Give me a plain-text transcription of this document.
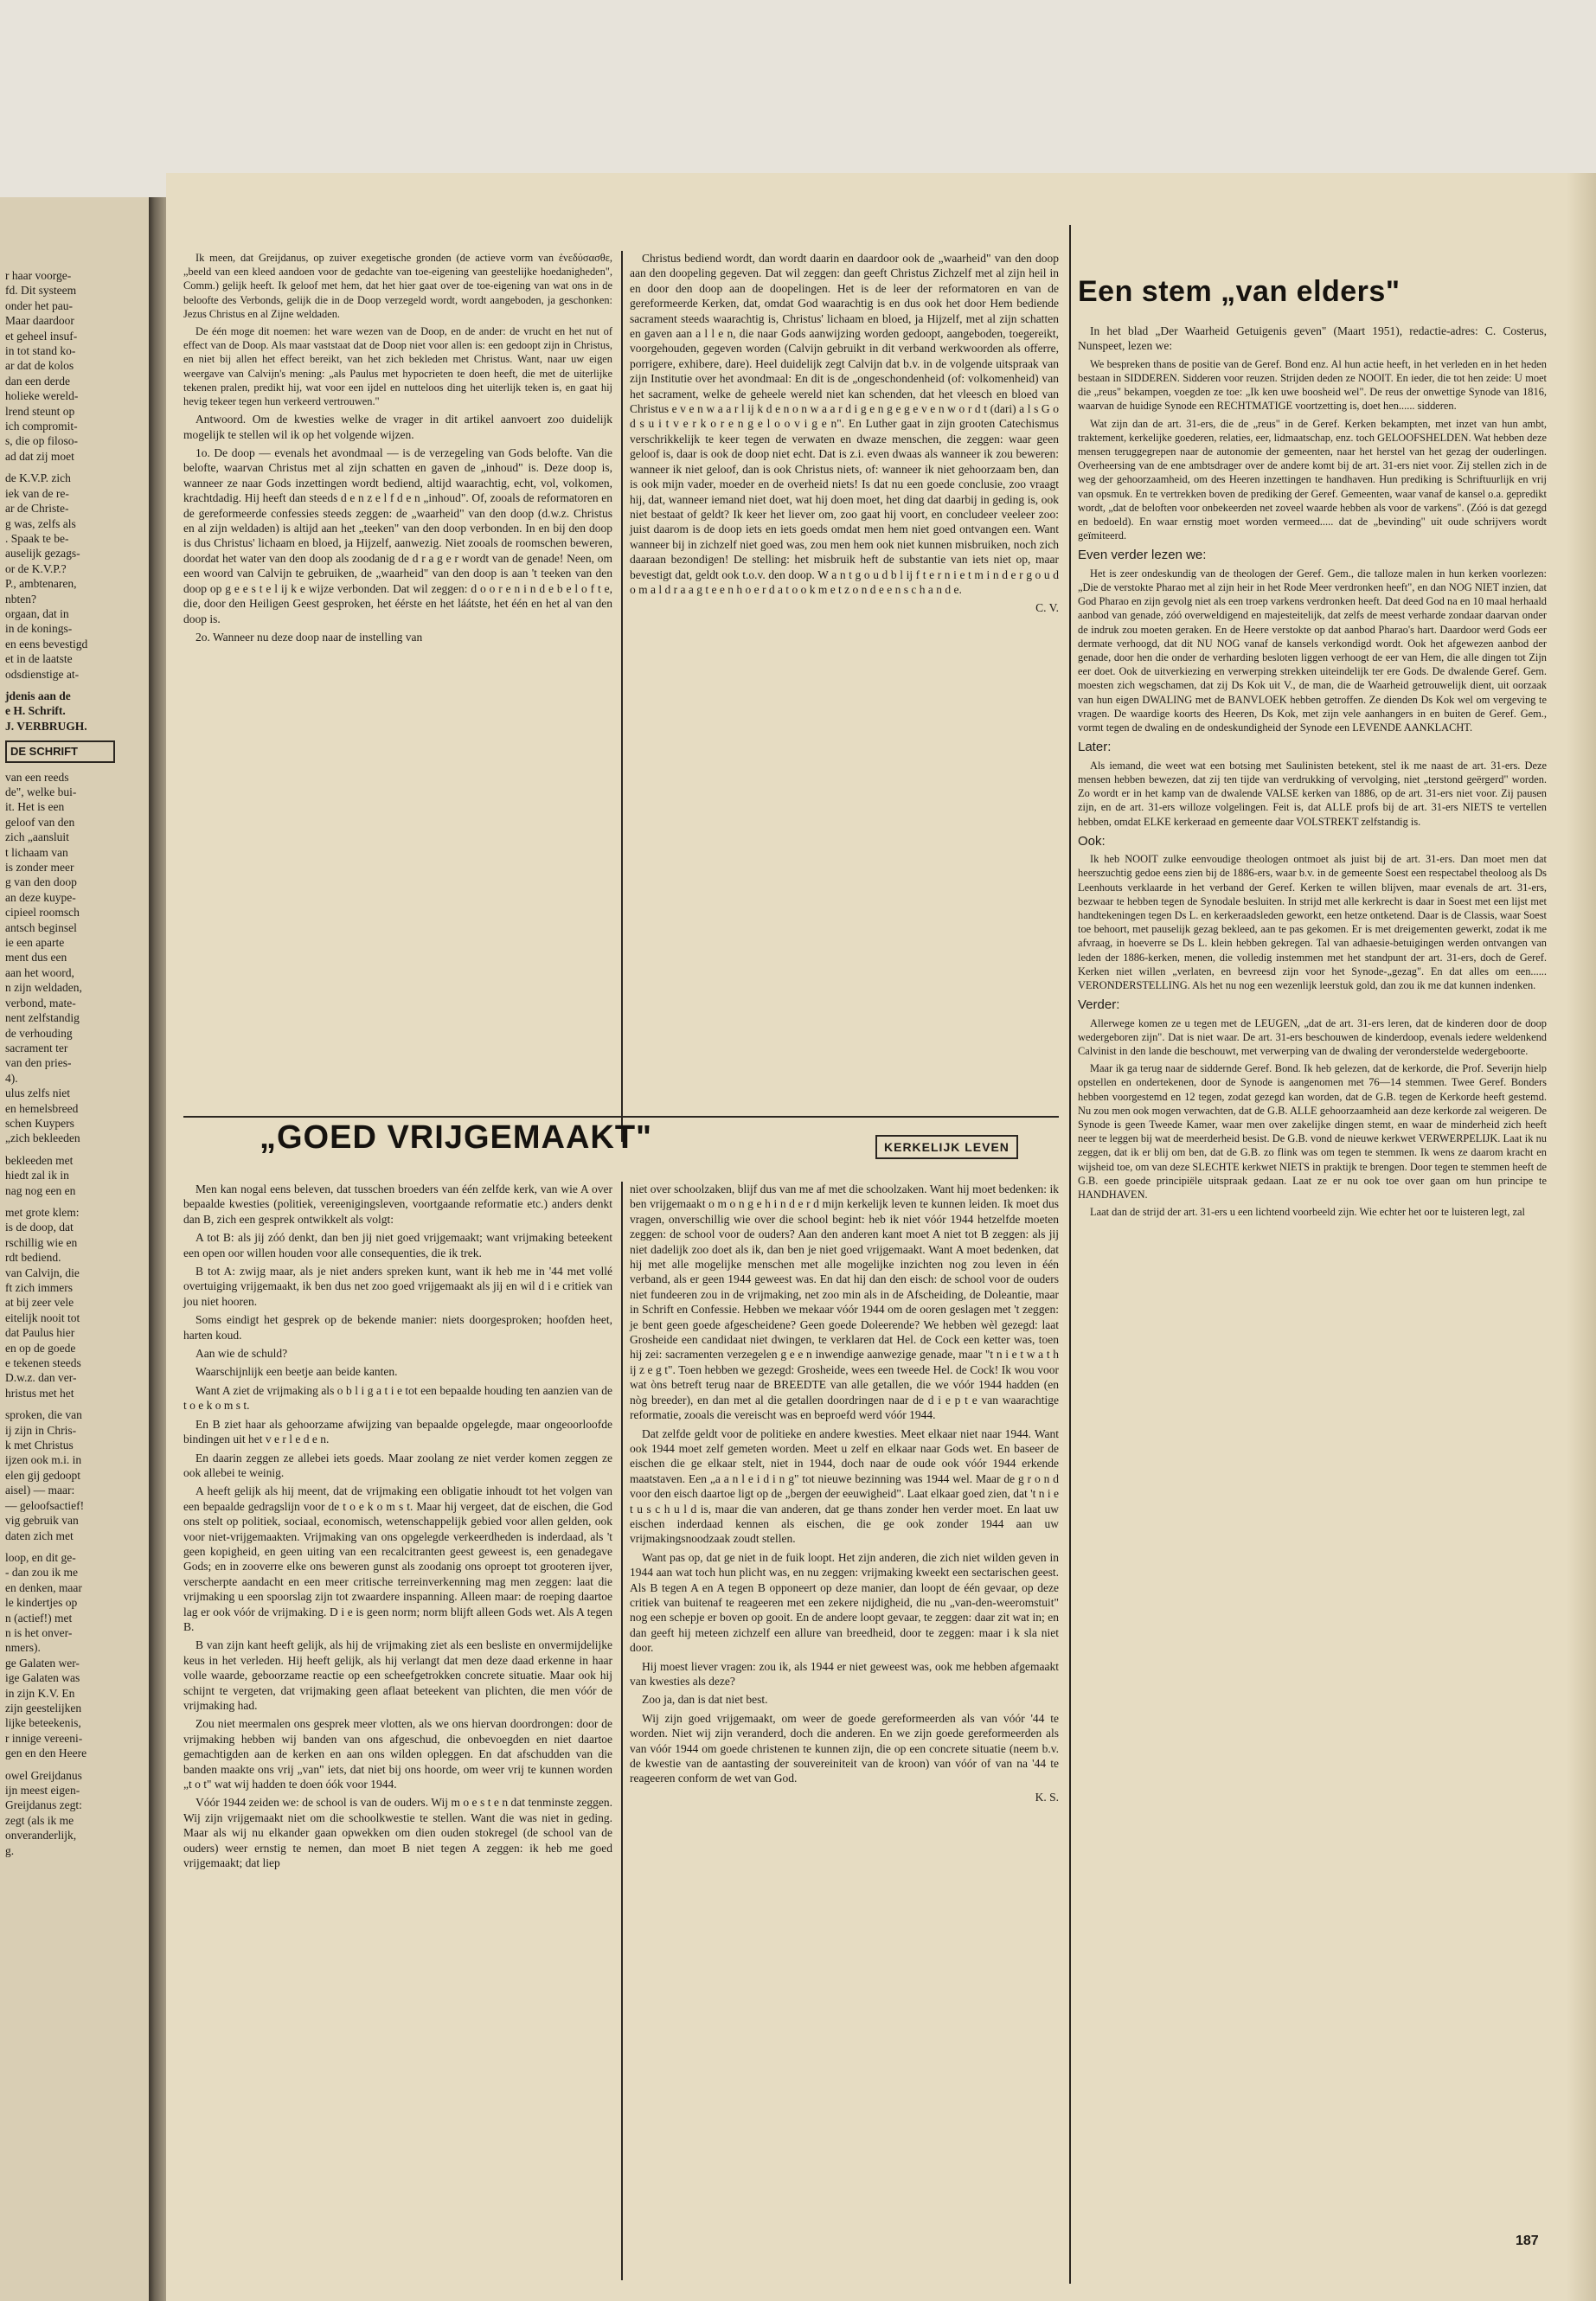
r haar voorge-
fd. Dit systeem
onder het pau-
Maar daardoor
et geheel insuf-
in tot stand ko-
ar dat de kolos
dan een derde
holieke wereld-
lrend steunt op
ich compromit-
s, die op filoso-
ad dat zij moet

de K.V.P. zich
iek van de re-
ar de Christe-
g was, zelfs als
. Spaak te be-
auselijk gezags-
or de K.V.P.?
P., ambtenaren,
nbten?
orgaan, dat in
in de konings-
en eens bevestigd
et in de laatste
odsdienstige at-

jdenis aan de
e H. Schrift.
J. VERBRUGH.

DE SCHRIFT

van een reeds
de", welke bui-
it. Het is een
geloof van den
zich „aansluit
t lichaam van
is zonder meer
g van den doop
an deze kuype-
cipieel roomsch
antsch beginsel
ie een aparte
ment dus een
aan het woord,
n zijn weldaden,
verbond, mate-
nent zelfstandig
de verhouding
sacrament ter
van den pries-
4).
ulus zelfs niet
en hemelsbreed
schen Kuypers
„zich bekleeden

bekleeden met
hiedt zal ik in
nag nog een en

met grote klem:
is de doop, dat
rschillig wie en
rdt bediend.
van Calvijn, die
ft zich immers
at bij zeer vele
eitelijk nooit tot
dat Paulus hier
en op de goede
e tekenen steeds
D.w.z. dan ver-
hristus met het

sproken, die van
ij zijn in Chris-
k met Christus
ijzen ook m.i. in
elen gij gedoopt
aisel) — maar:
— geloofsactief!
vig gebruik van
daten zich met

loop, en dit ge-
- dan zou ik me
en denken, maar
le kindertjes op
n (actief!) met
n is het onver-
nmers).
ge Galaten wer-
ige Galaten was
in zijn K.V. En
zijn geestelijken
lijke beteekenis,
r innige vereeni-
gen en den Heere

owel Greijdanus
ijn meest eigen-
Greijdanus zegt:
zegt (als ik me
onveranderlijk,
g.

Ik meen, dat Greijdanus, op zuiver exegetische gronden (de actieve vorm van ἐνεδύσασθε, „beeld van een kleed aandoen voor de gedachte van toe-eigening van geestelijke hoedanigheden", Comm.) gelijk heeft. Ik geloof met hem, dat het hier gaat over de toe-eigening van wat ons in de beloofte des Verbonds, gelijk die in de Doop verzegeld wordt, wordt aangeboden, ja geschonken: Jezus Christus en al Zijne weldaden.

De één moge dit noemen: het ware wezen van de Doop, en de ander: de vrucht en het nut of effect van de Doop. Als maar vaststaat dat de Doop niet voor allen is: een gedoopt zijn in Christus, en niet bij allen het effect bereikt, van het zich bekleden met Christus. Want, naar uw eigen weergave van Calvijn's mening: „als Paulus met hypocrieten te doen heeft, die met de uiterlijke tekenen pralen, predikt hij, wat voor een ijdel en nutteloos ding het uiterlijk teken is, en gaat hij hevig tekeer tegen hun verkeerd vertrouwen."

Antwoord. Om de kwesties welke de vrager in dit artikel aanvoert zoo duidelijk mogelijk te stellen wil ik op het volgende wijzen.

1o. De doop — evenals het avondmaal — is de verzegeling van Gods belofte. Van die belofte, waarvan Christus met al zijn schatten en gaven de „inhoud" is. Deze doop is, wanneer ze naar Gods inzettingen wordt bediend, altijd waarachtig, echt, vol, volkomen, krachtdadig. Hij heeft dan steeds d e n z e l f d e n „inhoud". Of, zooals de reformatoren en de gereformeerde confessies steeds zeggen: de „waarheid" van den doop (d.w.z. Christus en al zijn weldaden) is altijd aan het „teeken" van den doop verbonden. In en bij den doop is dus Christus' lichaam en bloed, ja Hijzelf, aanwezig. Niet zooals de roomschen beweren, doordat het water van den doop als zoodanig de d r a g e r wordt van de genade! Neen, om een woord van Calvijn te gebruiken, de „waarheid" van den doop is aan 't teeken van den doop op g e e s t e l ij k e wijze verbonden. Dat wil zeggen: d o o r e n i n d e b e l o f t e, die, door den Heiligen Geest gesproken, het éérste en het láátste, het één en het al van den doop is.

2o. Wanneer nu deze doop naar de instelling van

Christus bediend wordt, dan wordt daarin en daardoor ook de „waarheid" van den doop aan den doopeling gegeven. Dat wil zeggen: dan geeft Christus Zichzelf met al zijn heil in en door den doop aan de doopelingen. Het is de leer der reformatoren en van de gereformeerde Kerken, dat, omdat God waarachtig is en dus ook het door Hem bediende sacrament steeds waarachtig is, Christus' lichaam en bloed, ja Hijzelf, met al zijn schatten en gaven aan a l l e n, die naar Gods aanwijzing worden gedoopt, aangeboden, toegereikt, voorgehouden, gegeven worden (Calvijn gebruikt in dit verband werkwoorden als offerre, porrigere, exhibere, dare). Heel duidelijk zegt Calvijn dat b.v. in de volgende uitspraak van zijn Institutie over het avondmaal: En dit is de „ongeschondenheid (of: volkomenheid) van het sacrament, welke de geheele wereld niet kan schenden, dat het vleesch en bloed van Christus e v e n w a a r l ij k d e n o n w a a r d i g e n g e g e v e n w o r d t (dari) a l s G o d s u i t v e r k o r e n g e l o o v i g e n". En Luther gaat in zijn grooten Catechismus verschrikkelijk te keer tegen de verwaten en dwaze menschen, die zeggen: waar geen geloof is, daar is ook de doop niet echt. Dat is z.i. even dwaas als wanneer ik zou beweren: wanneer ik niet geloof, dan is ook Christus niets, of: wanneer ik niet gehoorzaam ben, dan is ook mijn vader, moeder en de overheid niets! Is dat nu een goede conclusie, zoo vraagt hij, dat, wanneer iemand niet doet, wat hij doen moet, het ding dat daarbij in geding is, ook niet bestaat of geldt? Ik keer het liever om, zoo gaat hij voort, en concludeer veeleer zoo: juist daarom is de doop iets en iets goeds omdat men hem niet goed ontvangen een. Want wanneer bij in zichzelf niet goed was, zou men hem ook niet kunnen misbruiken, noch zich daaraan bezondigen! De stelling: het misbruik heft de substantie van iets niet op, maar bevestigt dat, geldt ook t.o.v. den doop. W a n t g o u d b l ij f t e r n i e t m i n d e r g o u d o m a l d r a a g t e e n h o e r d a t o o k m e t z o n d e e n s c h a n d e.

C. V.
„GOED VRIJGEMAAKT"	KERKELIJK LEVEN

Men kan nogal eens beleven, dat tusschen broeders van één zelfde kerk, van wie A over bepaalde kwesties (politiek, vereenigingsleven, voortgaande reformatie etc.) anders denkt dan B, zich een gesprek ontwikkelt als volgt:

A tot B: als jij zóó denkt, dan ben jij niet goed vrijgemaakt; want vrijmaking beteekent een open oor willen houden voor alle consequenties, die ik trek.

B tot A: zwijg maar, als je niet anders spreken kunt, want ik heb me in '44 met vollé overtuiging vrijgemaakt, ik ben dus net zoo goed vrijgemaakt als jij en wil d i e critiek van jou niet hooren.

Soms eindigt het gesprek op de bekende manier: niets doorgesproken; hoofden heet, harten koud.

Aan wie de schuld?

Waarschijnlijk een beetje aan beide kanten.

Want A ziet de vrijmaking als o b l i g a t i e tot een bepaalde houding ten aanzien van de t o e k o m s t.

En B ziet haar als gehoorzame afwijzing van bepaalde opgelegde, maar ongeoorloofde bindingen uit het v e r l e d e n.

En daarin zeggen ze allebei iets goeds. Maar zoolang ze niet verder komen zeggen ze ook allebei te weinig.

A heeft gelijk als hij meent, dat de vrijmaking een obligatie inhoudt tot het volgen van een bepaalde gedragslijn voor de t o e k o m s t. Maar hij vergeet, dat de eischen, die God ons stelt op politiek, sociaal, economisch, wetenschappelijk gebied voor allen gelden, ook voor niet-vrijgemaakten. Vrijmaking van ons opgelegde verkeerdheden is inderdaad, als 't geen kopigheid, en geen uiting van een recalcitranten geest geweest is, een genadegave Gods; en in zooverre elke ons beweren gunst als zoodanig ons oproept tot grooteren ijver, verscherpte aandacht en een meer critische terreinverkenning mag men zeggen: laat die vrijmaking u een spoorslag zijn tot zwaardere inspanning. Alleen maar: de roeping daartoe lag er ook vóór de vrijmaking. D i e is geen norm; norm blijft alleen Gods wet. Als A tegen B.

B van zijn kant heeft gelijk, als hij de vrijmaking ziet als een besliste en onvermijdelijke keus in het verleden. Hij heeft gelijk, als hij verlangt dat men deze daad erkenne in haar volle waarde, geboorzame reactie op een scheefgetrokken concrete situatie. Maar ook hij schijnt te vergeten, dat vrijmaking geen aflaat beteekent van plichten, die men vóór de vrijmaking had.

Zou niet meermalen ons gesprek meer vlotten, als we ons hiervan doordrongen: door de vrijmaking hebben wij banden van ons afgeschud, die onbevoegden en niet daartoe gemachtigden aan de kerken en aan ons wilden opleggen. En dat afschudden van die banden maakte ons vrij „van" iets, dat niet bij ons hoorde, om weer vrij te kunnen worden „t o t" wat wij hadden te doen óók voor 1944.

Vóór 1944 zeiden we: de school is van de ouders. Wij m o e s t e n dat tenminste zeggen. Wij zijn vrijgemaakt niet om die schoolkwestie te stellen. Want die was niet in geding. Maar als wij nu elkander gaan opwekken om dien ouden stokregel (de school van de ouders) weer ernstig te nemen, dan moet B niet tegen A zeggen: ik heb me goed vrijgemaakt; dat liep

niet over schoolzaken, blijf dus van me af met die schoolzaken. Want hij moet bedenken: ik ben vrijgemaakt o m o n g e h i n d e r d mijn kerkelijk leven te kunnen leiden. Ik moet dus vragen, onverschillig wie over die school begint: heb ik niet vóór 1944 hetzelfde moeten zeggen: de school voor de ouders? Aan den anderen kant moet A niet tot B zeggen: als jij niet dadelijk zoo doet als ik, dan ben je niet goed vrijgemaakt. Want A moet bedenken, dat hij met alle mogelijke menschen met alle mogelijke inzichten nog zou leven in één verband, als er geen 1944 geweest was. En dat hij dan den eisch: de school voor de ouders niet fundeeren zou in de vrijmaking, net zoo min als in de Afscheiding, de Doleantie, maar in Schrift en Confessie. Hebben we mekaar vóór 1944 om de ooren geslagen met 't zeggen: je bent geen goede afgescheidene? Geen goede Doleerende? We hebben wèl gezegd: laat Grosheide een candidaat niet dwingen, te verklaren dat Hel. de Cock een ketter was, toen hij zei: sacramenten verzegelen g e e n inwendige aanwezige genade, maar "t n i e t w a t h ij z e g t". Toen hebben we gezegd: Grosheide, wees een tweede Hel. de Cock! Ik wou voor wat òns betreft terug naar de BREEDTE van alle getallen, die we vóór 1944 hadden (en nòg breeder), en dan met al die getallen doordringen naar de d i e p t e van waarachtige reformatie, zooals die vereischt was en beproefd werd vóór 1944.

Dat zelfde geldt voor de politieke en andere kwesties. Meet elkaar niet naar 1944. Want ook 1944 moet zelf gemeten worden. Meet u zelf en elkaar naar Gods wet. En baseer de eischen die ge elkaar stelt, niet in 1944, doch naar de oude ook vóór 1944 erkende maatstaven. Een „a a n l e i d i n g" tot nieuwe bezinning was 1944 wel. Maar de g r o n d voor den eisch daartoe ligt op de „bergen der eeuwigheid". Laat elkaar goed zien, dat 't n i e t u s c h u l d is, maar die van anderen, dat ge thans zonder hen verder moet. En laat uw eischen inderdaad kennen als eischen, die ge ook zonder 1944 aan uw vrijmakingsnoodzaak zoudt stellen.

Want pas op, dat ge niet in de fuik loopt. Het zijn anderen, die zich niet wilden geven in 1944 aan wat toch hun plicht was, en nu zeggen: vrijmaking kweekt een sectarischen geest. Als B tegen A en A tegen B opponeert op deze manier, dan loopt de één gevaar, op deze critiek van buitenaf te reageeren met een zekere nijdigheid, die nu „van-den-weeromstuit" nog een schepje er boven op gooit. En de andere loopt gevaar, te zeggen: daar zit wat in; en dan geeft hij meteen zichzelf een allure van breedheid, door te zeggen: maar i k sla niet door.

Hij moest liever vragen: zou ik, als 1944 er niet geweest was, ook me hebben afgemaakt van kwesties als deze?

Zoo ja, dan is dat niet best.

Wij zijn goed vrijgemaakt, om weer de goede gereformeerden als van vóór '44 te worden. Niet wij zijn veranderd, doch die anderen. En we zijn goede gereformeerden als van vóór 1944 om goede christenen te kunnen zijn, die op een concrete situatie (neem b.v. de kwestie van de aantasting der souvereiniteit van de kroon) van vóór of van na '44 te reageeren conform de wet van God.

K. S.
Een stem „van elders"

In het blad „Der Waarheid Getuigenis geven" (Maart 1951), redactie-adres: C. Costerus, Nunspeet, lezen we:

We bespreken thans de positie van de Geref. Bond enz. Al hun actie heeft, in het verleden en in het heden bestaan in SIDDEREN. Sidderen voor reuzen. Strijden deden ze NOOIT. En ieder, die tot hen zeide: U moet die „reus" bekampen, voegden ze toe: „Ik ken uwe boosheid wel". De reus der onwettige Synode van 1816, waarvan de huidige Synode een RECHTMATIGE voortzetting is, doet hen...... sidderen.

Wat zijn dan de art. 31-ers, die de „reus" in de Geref. Kerken bekampten, met inzet van hun ambt, traktement, kerkelijke goederen, relaties, eer, lidmaatschap, enz. toch GELOOFSHELDEN. Wat hebben deze mensen teruggegrepen naar de autonomie der gemeenten, naar het herstel van het gezag der ouderlingen. Overheersing van de ene ambtsdrager over de andere komt bij de art. 31-ers niet voor. Zij stellen zich in de weg der gehoorzaamheid, om des Heeren inzettingen te handhaven. Hun prediking is Schriftuurlijk en vrij van opsmuk. En te vertrekken boven de prediking der Geref. Gemeenten, waar vanaf de kansel o.a. gepredikt wordt, „dat de beloften voor onbekeerden net zoveel waarde hebben als voor de varkens". (Zóó is dat gezegd en bedoeld). En waar ernstig moet worden vermeed..... dat de „bevinding" uit oude schrijvers wordt geïmiteerd.

Even verder lezen we:

Het is zeer ondeskundig van de theologen der Geref. Gem., die talloze malen in hun kerken voorlezen: „Die de verstokte Pharao met al zijn heir in het Rode Meer verdronken heeft", en dan NOG NIET inzien, dat God Pharao en zijn gevolg niet als een troep varkens verdronken heeft. Dat deed God na en 10 maal herhaald aanbod van genade, zóó overweldigend en majesteitelijk, dat zelfs de meest verharde zondaar daarvan onder de indruk zou moeten geraken. En de Heere verstokte op dat aanbod Pharao's hart. Daardoor werd Gods eer dermate verhoogd, dat dit NU NOG vanaf de kansels verkondigd wordt. Ook het afgewezen aanbod der genade, door hen die onder de verharding besloten liggen verhoogt de eer van Hem, die alle dingen tot Zijn eer doet. Ook de uitverkiezing en verwerping strekken uiteindelijk ter ere Gods. De dwalende Geref. Gem. moesten zich wegschamen, dat zij Ds Kok uit V., de man, die de Waarheid getrouwelijk dient, uit oorzaak van hun eigen DWALING met de BANVLOEK hebben getroffen. Ze dienden Ds Kok wel om vergeving te vragen. De waardige koorts des Heeren, Ds Kok, met zijn vele aanhangers in en buiten de Geref. Gem., vormt tegen de dwaling en de ondeskundigheid der Synode een LEVENDE AANKLACHT.

Later:

Als iemand, die weet wat een botsing met Saulinisten betekent, stel ik me naast de art. 31-ers. Deze mensen hebben bewezen, dat zij ten tijde van verdrukking of vervolging, niet „terstond geërgerd" worden. Zo wordt er in het kamp van de dwalende VALSE kerken van 1886, op de art. 31-ers niet voor. Zij pausen zijn, en de art. 31-ers willoze volgelingen. Feit is, dat ALLE profs bij de art. 31-ers NIETS te vertellen hebben, omdat ELKE kerkeraad en gemeente daar VOLSTREKT zelfstandig is.

Ook:

Ik heb NOOIT zulke eenvoudige theologen ontmoet als juist bij de art. 31-ers. Dan moet men dat heerszuchtig gedoe eens zien bij de 1886-ers, waar b.v. in de gemeente Soest een respectabel theoloog als Ds Leenhouts verklaarde in het verband der Geref. Kerken te willen blijven, maar evenals de art. 31-ers, bezwaar te hebben tegen de Synodale besluiten. In strijd met alle kerkrecht is daar in Soest met een lijst met handtekeningen tegen Ds L. en kerkeraadsleden geworkt, een hetze ontketend. Daar is de Classis, waar Soest toe behoort, met pauselijk gezag bekleed, aan te pas gekomen. Er is met dreigementen gewerkt, zodat ik me afvraag, in hoeverre se Ds L. klein hebben gekregen. Tal van adhaesie-betuigingen werden ontvangen van leden der 1886-kerken, menen, die volledig instemmen met het standpunt der art. 31-ers, doch de Geref. Kerken niet willen „verlaten, en bevreesd zijn voor het Synode-„gezag". En dat alles om een...... VERONDERSTELLING. Als het nu nog een wezenlijk leerstuk gold, dan zou ik me dat kunnen indenken.

Verder:

Allerwege komen ze u tegen met de LEUGEN, „dat de art. 31-ers leren, dat de kinderen door de doop wedergeboren zijn". Dat is niet waar. De art. 31-ers beschouwen de kinderdoop, evenals iedere weldenkend Calvinist in den lande die beschouwt, met verwerping van de dwaling der veronderstelde wedergeboorte.

Maar ik ga terug naar de siddernde Geref. Bond. Ik heb gelezen, dat de kerkorde, die Prof. Severijn hielp opstellen en ondertekenen, door de Synode is aangenomen met 76—14 stemmen. Twee Geref. Bonders hebben voorgestemd en 12 tegen, zodat gezegd kan worden, dat de G.B. tegen de Kerkorde heeft gestemd. Nu zou men ook mogen verwachten, dat de G.B. ALLE gehoorzaamheid aan deze kerkorde zal weigeren. De Synode is geen Tweede Kamer, waar men over zakelijke dingen stemt, en waar de minderheid zich heeft neer te leggen bij wat de meerderheid besist. De G.B. vond de nieuwe kerkwet VERWERPELIJK. Laat ik nu zeggen, dat ik er blij om ben, dat de G.B. zo flink was om tegen te stemmen. Ik wens ze daarom kracht en wijsheid toe, om van deze SLECHTE kerkwet NIETS in praktijk te brengen. Door tegen te stemmen heeft de G.B. een goede principiële uitspraak gedaan. Laat ze er nu ook toe over gaan om hun principe te HANDHAVEN.

Laat dan de strijd der art. 31-ers u een lichtend voorbeeld zijn. Wie echter het oor te luisteren legt, zal

187
